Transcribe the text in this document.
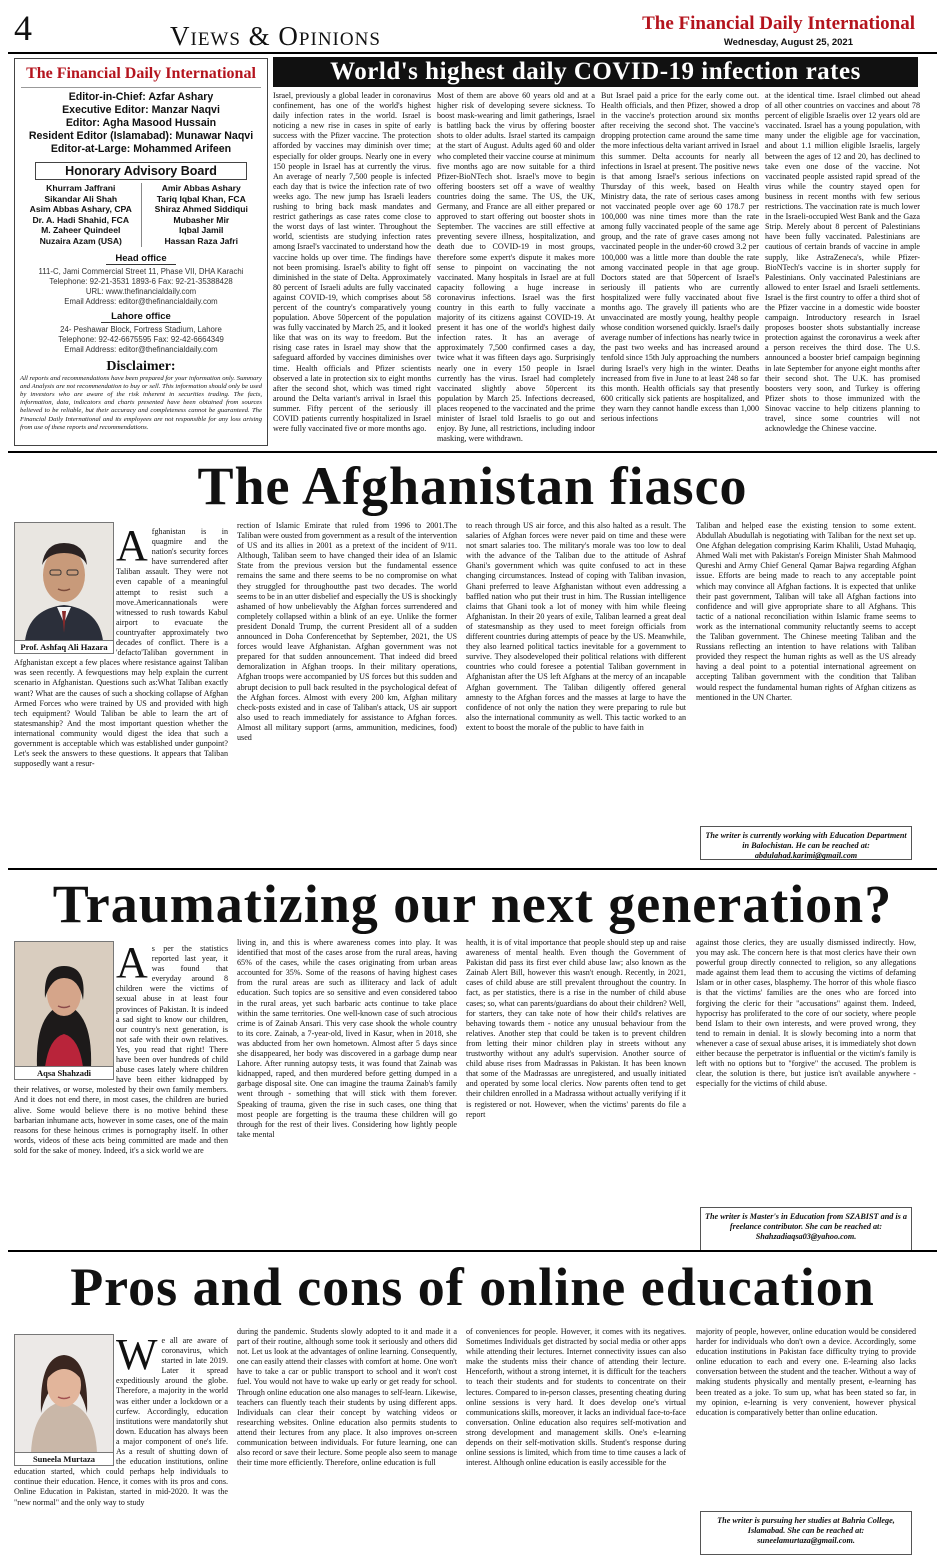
4	Views & Opinions	The Financial Daily International
Wednesday, August 25, 2021
The Financial Daily International
Editor-in-Chief: Azfar Ashary
Executive Editor: Manzar Naqvi
Editor: Agha Masood Hussain
Resident Editor (Islamabad): Munawar Naqvi
Editor-at-Large: Mohammed Arifeen
Honorary Advisory Board
Khurram Jaffrani
Sikandar Ali Shah
Asim Abbas Ashary, CPA
Dr. A. Hadi Shahid, FCA
M. Zaheer Quindeel
Nuzaira Azam (USA)
Amir Abbas Ashary
Tariq Iqbal Khan, FCA
Shiraz Ahmed Siddiqui
Mubasher Mir
Iqbal Jamil
Hassan Raza Jafri
Head office
111-C, Jami Commercial Street 11, Phase VII, DHA Karachi
Telephone: 92-21-3531 1893-6 Fax: 92-21-35388428
URL: www.thefinancialdaily.com
Email Address: editor@thefinancialdaily.com
Lahore office
24- Peshawar Block, Fortress Stadium, Lahore
Telephone: 92-42-6675595 Fax: 92-42-6664349
Email Address: editor@thefinancialdaily.com
Disclaimer:
All reports and recommendations have been prepared for your information only. Summary and Analysis are not recommendation to buy or sell. This information should only be used by investors who are aware of the risk inherent in securities trading. The facts, information, data, indicators and charts presented have been obtained from sources believed to be reliable, but their accuracy and completeness cannot be guaranteed. The Financial Daily International and its employees are not responsible for any loss arising from use of these reports and recommendations.
World's highest daily COVID-19 infection rates

Israel, previously a global leader in coronavirus confinement, has one of the world's highest daily infection rates in the world. Israel is noticing a new rise in cases in spite of early success with the Pfizer vaccine. The protection afforded by vaccines may diminish over time; especially for older groups. Nearly one in every 150 people in Israel has at currently the virus. An average of nearly 7,500 people is infected each day that is twice the infection rate of two weeks ago. The new jump has Israeli leaders rushing to bring back mask mandates and restrict gatherings as case rates come close to the worst days of last winter. Throughout the world, scientists are studying infection rates among Israel's vaccinated to understand how the vaccine holds up over time. The findings have not been promising. Israel's ability to fight off diminished in the state of Delta. Approximately 80 percent of Israeli adults are fully vaccinated against COVID-19, which comprises about 58 percent of the country's comparatively young population. Above 50percent of the population was fully vaccinated by March 25, and it looked like that was on its way to freedom. But the rising case rates in Israel may show that the safeguard afforded by vaccines diminishes over time. Health officials and Pfizer scientists observed a late in protection six to eight months after the second shot, which was timed right around the Delta variant's arrival in Israel this summer. Fifty percent of the seriously ill COVID patients currently hospitalized in Israel were fully vaccinated five or more months ago.

Most of them are above 60 years old and at a higher risk of developing severe sickness. To boost mask-wearing and limit gatherings, Israel is battling back the virus by offering booster shots to older adults. Israel started its campaign at the start of August. Adults aged 60 and older who completed their vaccine course at minimum five months ago are now suitable for a third Pfizer-BioNTech shot. Israel's move to begin offering boosters set off a wave of wealthy countries doing the same. The US, the UK, Germany, and France are all either prepared or approved to start offering out booster shots in September. The vaccines are still effective at preventing severe illness, hospitalization, and death due to COVID-19 in most groups, therefore some expert's dispute it makes more sense to pinpoint on vaccinating the not vaccinated. Many hospitals in Israel are at full capacity following a huge increase in coronavirus infections. Israel was the first country in this earth to fully vaccinate a majority of its citizens against COVID-19. At present it has one of the world's highest daily infection rates. It has an average of approximately 7,500 confirmed cases a day, twice what it was fifteen days ago. Surprisingly nearly one in every 150 people in Israel currently has the virus. Israel had completely vaccinated slightly above 50percent its population by March 25. Infections decreased, places reopened to the vaccinated and the prime minister of Israel told Israelis to go out and enjoy. By June, all restrictions, including indoor masking, were withdrawn.

But Israel paid a price for the early come out. Health officials, and then Pfizer, showed a drop in the vaccine's protection around six months after receiving the second shot. The vaccine's dropping protection came around the same time the more infectious delta variant arrived in Israel this summer. Delta accounts for nearly all infections in Israel at present. The positive news is that among Israel's serious infections on Thursday of this week, based on Health Ministry data, the rate of serious cases among not vaccinated people over age 60 178.7 per 100,000 was nine times more than the rate among fully vaccinated people of the same age group, and the rate of grave cases among not vaccinated people in the under-60 crowd 3.2 per 100,000 was a little more than double the rate among vaccinated people in that age group. Doctors stated are that 50percent of Israel's seriously ill patients who are currently hospitalized were fully vaccinated about five months ago. The gravely ill patients who are unvaccinated are mostly young, healthy people whose condition worsened quickly. Israel's daily average number of infections has nearly twice in the past two weeks and has increased around tenfold since 15th July approaching the numbers during Israel's very high in the winter. Deaths increased from five in June to at least 248 so far this month. Health officials say that presently 600 critically sick patients are hospitalized, and they warn they cannot handle excess than 1,000 serious infections

at the identical time. Israel climbed out ahead of all other countries on vaccines and about 78 percent of eligible Israelis over 12 years old are vaccinated. Israel has a young population, with many under the eligible age for vaccination, and about 1.1 million eligible Israelis, largely between the ages of 12 and 20, has declined to take even one dose of the vaccine. Not vaccinated people assisted rapid spread of the virus while the country stayed open for business in recent months with few serious restrictions. The vaccination rate is much lower in the Israeli-occupied West Bank and the Gaza Strip. Merely about 8 percent of Palestinians have been fully vaccinated. Palestinians are cautious of certain brands of vaccine in ample supply, like AstraZeneca's, while Pfizer-BioNTech's vaccine is in shorter supply for Palestinians. Only vaccinated Palestinians are allowed to enter Israel and Israeli settlements. Israel is the first country to offer a third shot of the Pfizer vaccine in a domestic wide booster campaign. Introductory research in Israel proposes booster shots substantially increase protection against the coronavirus a week after a person receives the third dose. The U.S. announced a booster brief campaign beginning in late September for anyone eight months after their second shot. The U.K. has promised boosters very soon, and Turkey is offering Pfizer shots to those immunized with the Sinovac vaccine to help citizens planning to travel, since some countries will not acknowledge the Chinese vaccine.

The Afghanistan fiasco
Prof. Ashfaq Ali Hazara
A fghanistan is in quagmire and the nation's security forces have surrendered after Taliban assault. They were not even capable of a meaningful attempt to resist such a move.Americannationals were witnessed to rush towards Kabul airport to evacuate the countryafter approximately two decades of conflict. There is a 'defacto'Taliban government in Afghanistan except a few places where resistance against Taliban was seen recently. A fewquestions may help explain the current scenario in Afghanistan. Questions such as:What Taliban exactly want? What are the causes of such a shocking collapse of Afghan Armed Forces who were trained by US and provided with high tech equipment? Would Taliban be able to learn the art of statesmanship? And the most important question whether the international community would digest the idea that such a government is acceptable which was established under gunpoint? Let's seek the answers to these questions. It appears that Taliban supposedly want a resur-

rection of Islamic Emirate that ruled from 1996 to 2001.The Taliban were ousted from government as a result of the intervention of US and its allies in 2001 as a pretext of the incident of 9/11. Although, Taliban seem to have changed their idea of an Islamic State from the previous version but the fundamental essence remains the same and there seems to be no compromise on what they struggled for throughoutthe past two decades. The world seems to be in an utter disbelief and especially the US is shockingly ashamed of how unbelievably the Afghan forces surrendered and completely collapsed within a blink of an eye. Unlike the former president Donald Trump, the current President all of a sudden announced in Doha Conferencethat by September, 2021, the US forces would leave Afghanistan. Afghan government was not prepared for that sudden announcement. That indeed did breed demoralization in Afghan troops. In their military operations, Afghan troops were accompanied by US forces but this sudden and abrupt decision to pull back resulted in the psychological defeat of the Afghan forces. Almost with every 200 km, Afghan military check-posts existed and in case of Taliban's attack, US air support also used to reach immediately for assistance to Afghan forces. Almost all military support (arms, ammunition, medicines, food) used

to reach through US air force, and this also halted as a result. The salaries of Afghan forces were never paid on time and these were not smart salaries too. The military's morale was too low to deal with the advance of the Taliban due to the attitude of Ashraf Ghani's government which was quite confused to act in these changing circumstances. Instead of coping with Taliban invasion, Ghani preferred to leave Afghanistan without even addressing a baffled nation who put their trust in him. The Russian intelligence claims that Ghani took a lot of money with him while fleeing Afghanistan. In their 20 years of exile, Taliban learned a great deal of statesmanship as they used to meet foreign officials from different countries during attempts of peace by the US. Meanwhile, they also learned political tactics inevitable for a government to survive. They alsodeveloped their political relations with different countries who could foresee a potential Taliban government in Afghanistan after the US left Afghans at the mercy of an incapable Afghan government. The Taliban diligently offered general amnesty to the Afghan forces and the masses at large to have the confidence of not only the nation they were preparing to rule but also the international community as well. This tactic worked to an extent to boost the morale of the public to have faith in

Taliban and helped ease the existing tension to some extent. Abdullah Abudullah is negotiating with Taliban for the next set up. One Afghan delegation comprising Karim Khalili, Ustad Muhaqiq, Ahmed Wali met with Pakistan's Foreign Minister Shah Mahmood Qureshi and Army Chief General Qamar Bajwa regarding Afghan issue. Efforts are being made to reach to any acceptable point which may convince all Afghan factions. It is expected that unlike their past government, Taliban will take all Afghan factions into confidence and will give appropriate share to all Afghans. This tactic of a national reconciliation within Islamic frame seems to work as the international community reluctantly seems to accept the Taliban government. The Chinese meeting Taliban and the Russians reflecting an intention to have relations with Taliban provided they respect the human rights as well as the US already having a deal point to a potential international agreement on accepting Taliban government with the condition that Taliban would respect the fundamental human rights of Afghan citizens as mentioned in the UN Charter.

The writer is currently working with Education Department in Balochistan. He can be reached at: abdulahad.karimi@gmail.com
Traumatizing our next generation?
Aqsa Shahzadi
A s per the statistics reported last year, it was found that everyday around 8 children were the victims of sexual abuse in at least four provinces of Pakistan. It is indeed a sad sight to know our children, our country's next generation, is not safe with their own relatives. Yes, you read that right! There have been over hundreds of child abuse cases lately where children have been either kidnapped by their relatives, or worse, molested by their own family members. And it does not end there, in most cases, the children are buried alive. Some would believe there is no motive behind these barbarian inhumane acts, however in some cases, one of the main reasons for these heinous crimes is pornography itself. In other words, videos of these acts being committed are made and then sold for the sake of money. Indeed, it's a sick world we are

living in, and this is where awareness comes into play. It was identified that most of the cases arose from the rural areas, having 65% of the cases, while the cases originating from urban areas accounted for 35%. Some of the reasons of having highest cases from the rural areas are such as illiteracy and lack of adult education. Such topics are so sensitive and even considered taboo in the rural areas, yet such barbaric acts continue to take place within the same territories. One well-known case of such atrocious crime is of Zainab Ansari. This very case shook the whole country to its core. Zainab, a 7-year-old, lived in Kasur, when in 2018, she was abducted from her own hometown. Almost after 5 days since she disappeared, her body was discovered in a garbage dump near Lahore. After running autopsy tests, it was found that Zainab was kidnapped, raped, and then murdered before getting dumped in a garbage disposal site. One can imagine the trauma Zainab's family went through - something that will stick with them forever. Speaking of trauma, given the rise in such cases, one thing that most people are forgetting is the trauma these children will go through for the rest of their lives. Considering how lightly people take mental

health, it is of vital importance that people should step up and raise awareness of mental health. Even though the Government of Pakistan did pass its first ever child abuse law; also known as the Zainab Alert Bill, however this wasn't enough. Recently, in 2021, cases of child abuse are still prevalent throughout the country. In fact, as per statistics, there is a rise in the number of child abuse cases; so, what can parents/guardians do about their children? Well, for starters, they can take note of how their child's relatives are behaving towards them - notice any unusual behaviour from the relatives. Another step that could be taken is to prevent children from letting their minor children play in streets without any trustworthy without any adult's supervision. Another source of child abuse rises from Madrassas in Pakistan. It has been known that some of the Madrassas are unregistered, and usually initiated and operated by some local clerics. Now parents often tend to get their children enrolled in a Madrassa without actually verifying if it is registered or not. However, when the victims' parents do file a report

against those clerics, they are usually dismissed indirectly. How, you may ask. The concern here is that most clerics have their own powerful group directly connected to religion, so any allegations made against them lead them to accusing the victims of defaming Islam or in other cases, blasphemy. The horror of this whole fiasco is that the victims' families are the ones who are forced into forgiving the cleric for their "accusations" against them. Indeed, hypocrisy has proliferated to the core of our society, where people bend Islam to their own interests, and were proved wrong, they tend to remain in denial. It is slowly becoming into a norm that whenever a case of sexual abuse arises, it is immediately shot down either because the perpetrator is influential or the victim's family is left with no options but to "forgive" the accused. The problem is clear, the solution is there, but justice isn't available anywhere - especially for the victims of child abuse.

The writer is Master's in Education from SZABIST and is a freelance contributor. She can be reached at: Shahzadiaqsa03@yahoo.com.
Pros and cons of online education
Suneela Murtaza
W e all are aware of coronavirus, which started in late 2019. Later it spread expeditiously around the globe. Therefore, a majority in the world was either under a lockdown or a curfew. Accordingly, education institutions were mandatorily shut down. Education has always been a major component of one's life. As a result of shutting down of the education institutions, online education started, which could perhaps help individuals to continue their education. Hence, it comes with its pros and cons. Online Education in Pakistan, started in mid-2020. It was the "new normal" and the only way to study

during the pandemic. Students slowly adopted to it and made it a part of their routine, although some took it seriously and others did not. Let us look at the advantages of online learning. Consequently, one can easily attend their classes with comfort at home. One won't have to take a car or public transport to school and it won't cost fuel. You would not have to wake up early or get ready for school. Through online education one also manages to self-learn. Likewise, teachers can fluently teach their students by using different apps. Individuals can clear their concept by watching videos or researching websites. Online education also permits students to attend their lectures from any place. It also improves on-screen communication between individuals. For future learning, one can also record or save their lecture. Some people also seem to manage their time more efficiently. Therefore, online education is full

of conveniences for people. However, it comes with its negatives. Sometimes Individuals get distracted by social media or other apps while attending their lectures. Internet connectivity issues can also make the students miss their chance of attending their lecture. Henceforth, without a strong internet, it is difficult for the teachers to teach their students and for students to concentrate on their lectures. Compared to in-person classes, presenting cheating during online sessions is very hard. It does develop one's virtual communications skills, moreover, it lacks an individual face-to-face conversation. Online education also requires self-motivation and strong development and management skills. One's e-learning depends on their self-motivation skills. Student's response during online sessions is limited, which from time to time causes a lack of interest. Although online education is easily accessible for the

majority of people, however, online education would be considered harder for individuals who don't own a device. Accordingly, some education institutions in Pakistan face difficulty trying to provide online education to each and every one. E-learning also lacks conversation between the student and the teacher. Without a way of making students physically and mentally present, e-learning has been treated as a joke. To sum up, what has been stated so far, in my opinion, e-learning is very convenient, however physical education is comparatively better than online education.

The writer is pursuing her studies at Bahria College, Islamabad. She can be reached at: suneelamurtaza@gmail.com.
